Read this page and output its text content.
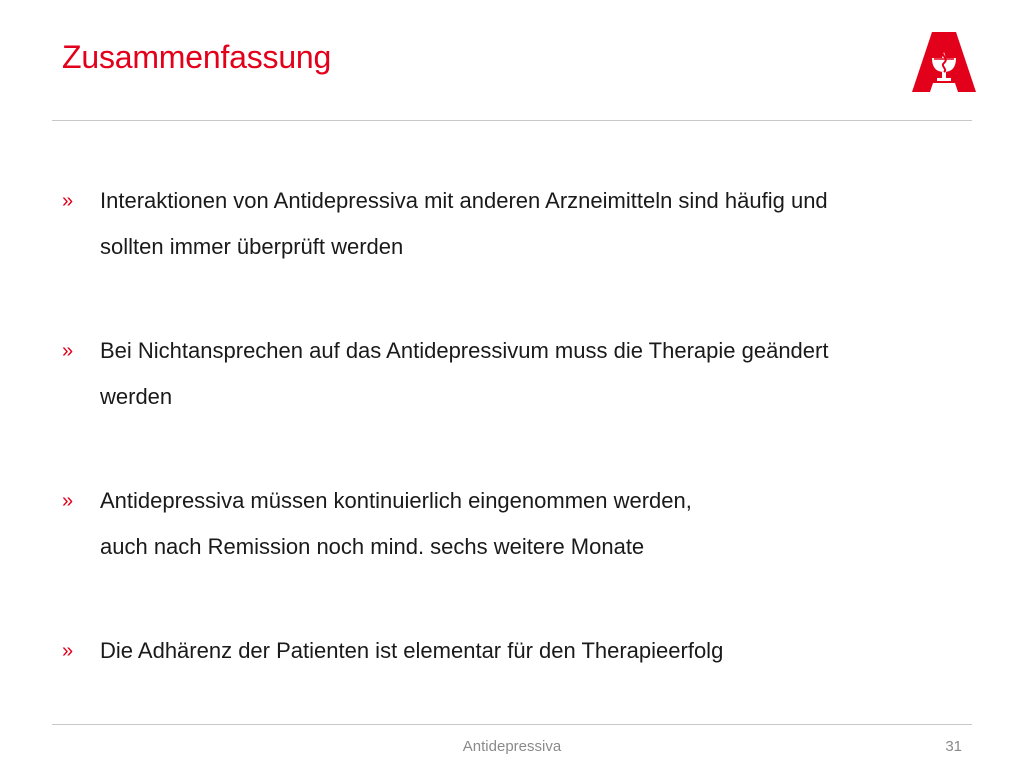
Zusammenfassung
» Interaktionen von Antidepressiva mit anderen Arzneimitteln sind häufig und
sollten immer überprüft werden
» Bei Nichtansprechen auf das Antidepressivum muss die Therapie geändert
werden
» Antidepressiva müssen kontinuierlich eingenommen werden,
auch nach Remission noch mind. sechs weitere Monate
» Die Adhärenz der Patienten ist elementar für den Therapieerfolg
Antidepressiva	31
